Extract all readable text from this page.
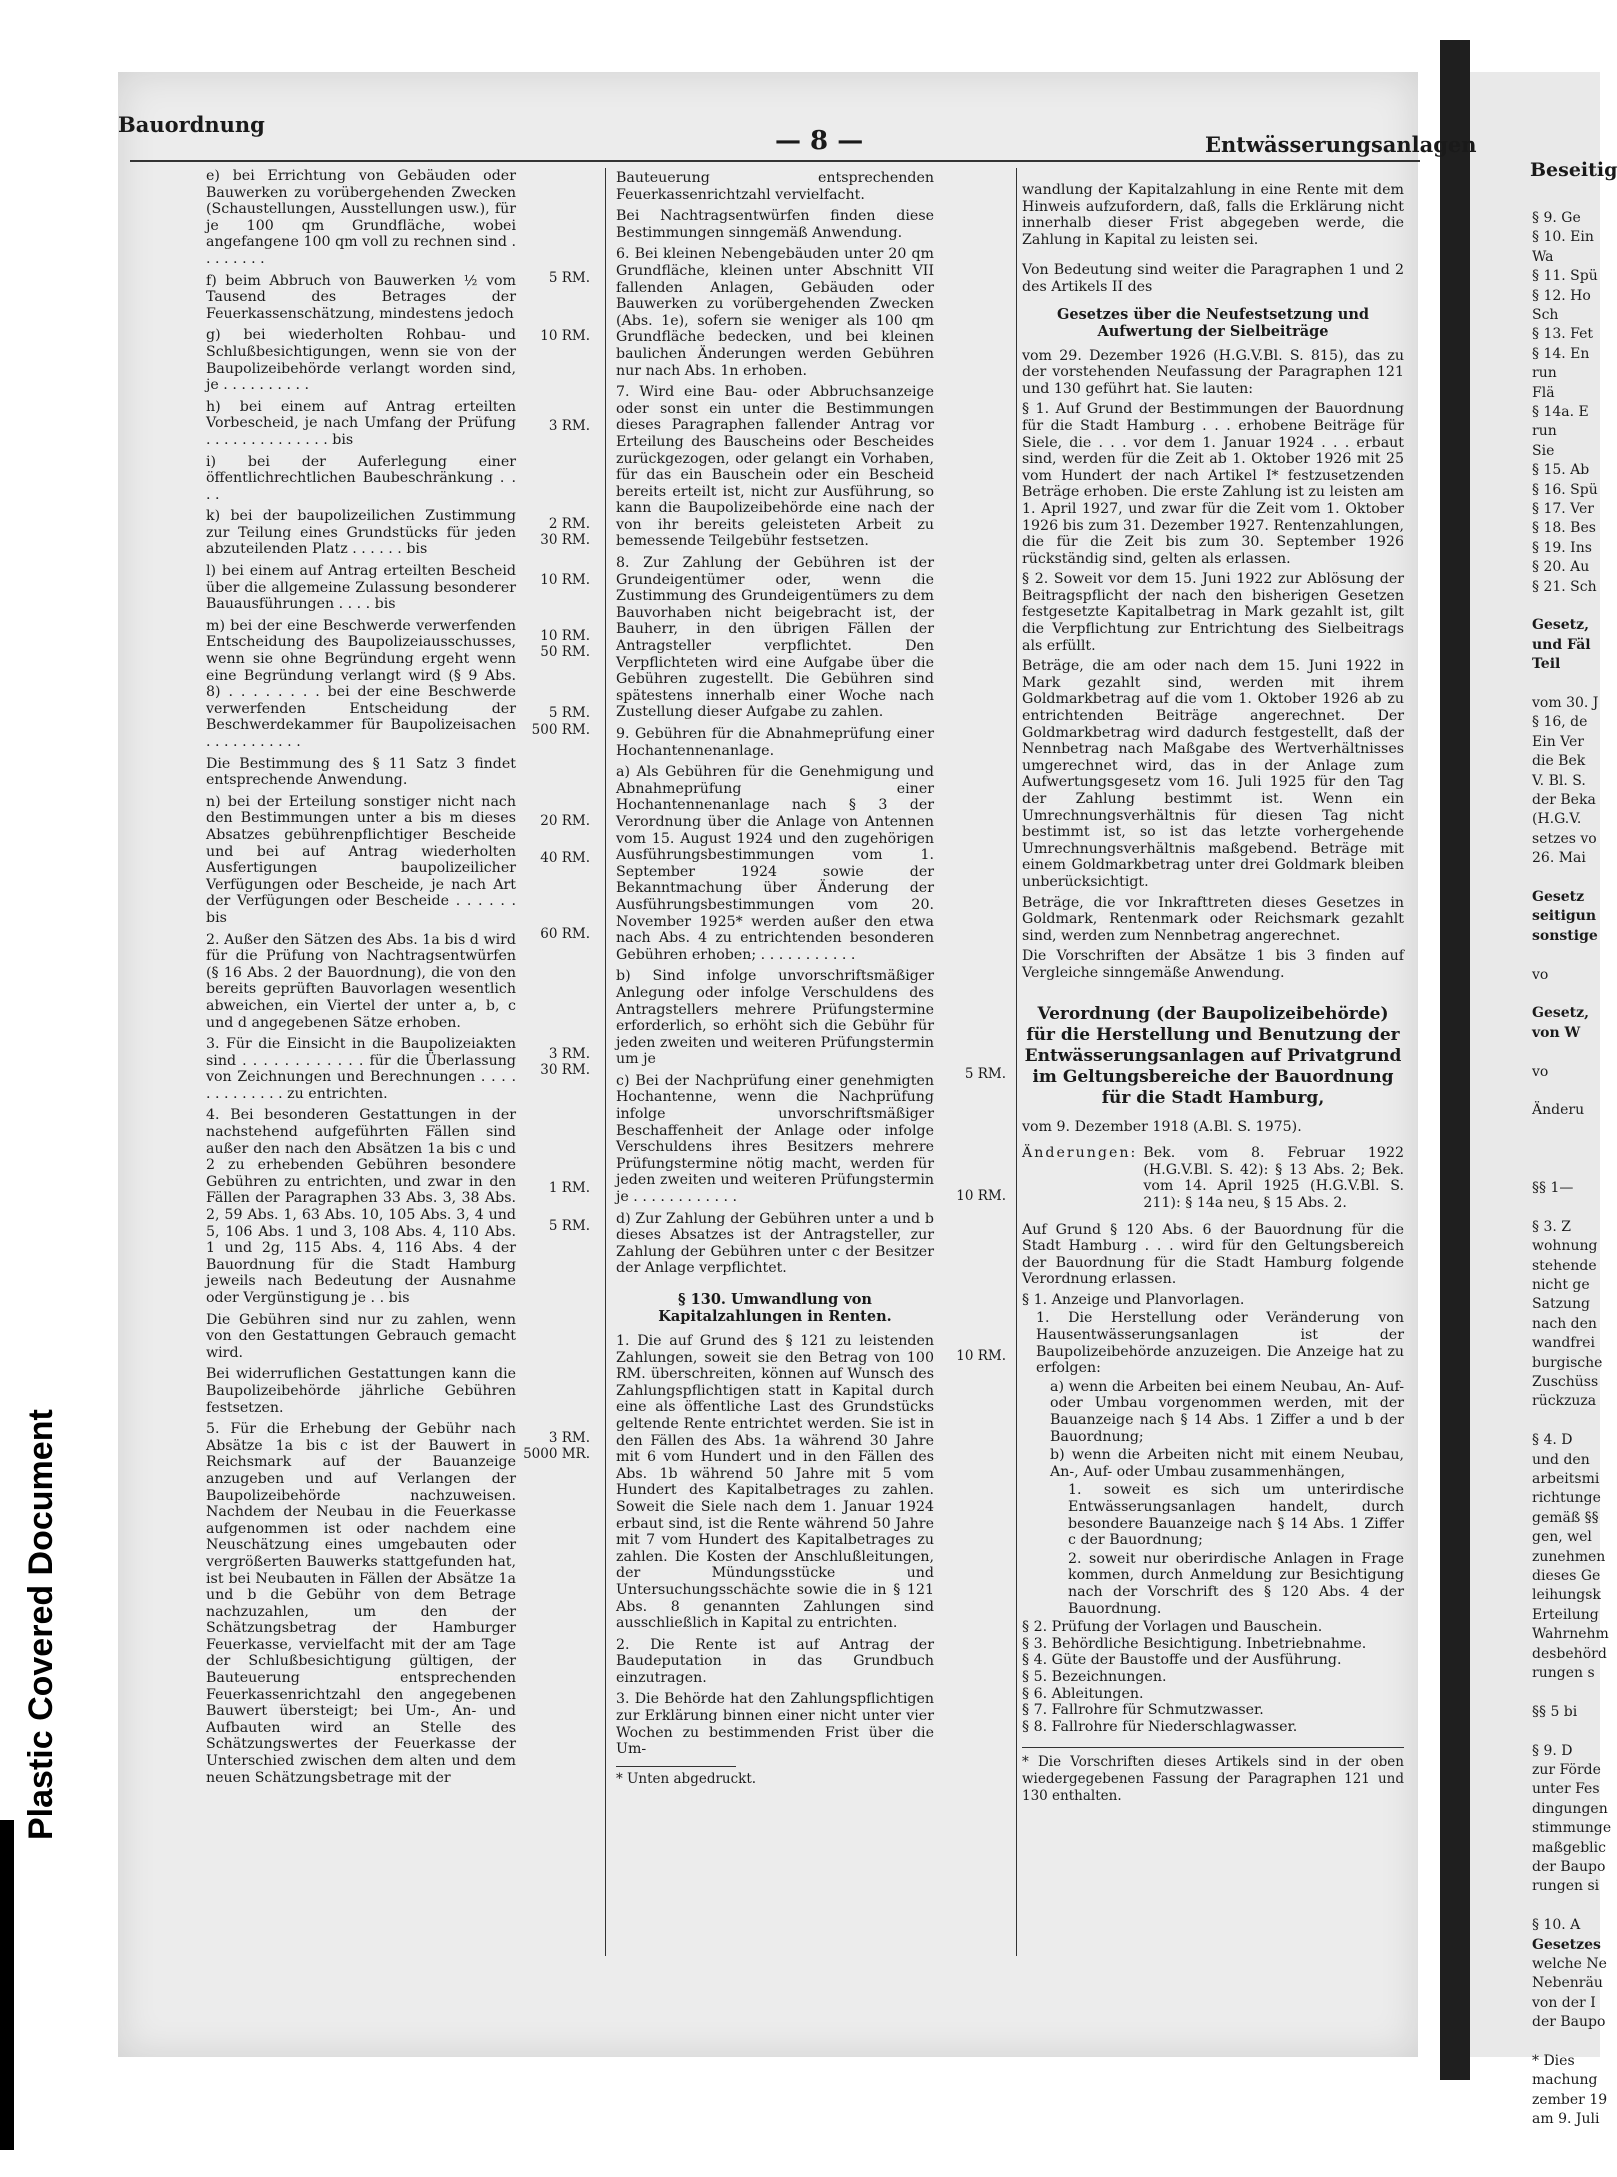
Plastic Covered Document
Bauordnung
— 8 —	Entwässerungsanlagen

e) bei Errichtung von Gebäuden oder Bauwerken zu vorübergehenden Zwecken (Schaustellungen, Ausstellungen usw.), für je 100 qm Grundfläche, wobei angefangene 100 qm voll zu rechnen sind . . . . . . . .

f) beim Abbruch von Bauwerken ½ vom Tausend des Betrages der Feuerkassenschätzung, mindestens jedoch

g) bei wiederholten Rohbau- und Schlußbesichtigungen, wenn sie von der Baupolizeibehörde verlangt worden sind, je . . . . . . . . . .

h) bei einem auf Antrag erteilten Vorbescheid, je nach Umfang der Prüfung . . . . . . . . . . . . . . bis

i) bei der Auferlegung einer öffentlichrechtlichen Baubeschränkung . . . .

k) bei der baupolizeilichen Zustimmung zur Teilung eines Grundstücks für jeden abzuteilenden Platz . . . . . . bis

l) bei einem auf Antrag erteilten Bescheid über die allgemeine Zulassung besonderer Bauausführungen . . . . bis

m) bei der eine Beschwerde verwerfenden Entscheidung des Baupolizeiausschusses, wenn sie ohne Begründung ergeht wenn eine Begründung verlangt wird (§ 9 Abs. 8) . . . . . . . . bei der eine Beschwerde verwerfenden Entscheidung der Beschwerdekammer für Baupolizeisachen . . . . . . . . . . .

Die Bestimmung des § 11 Satz 3 findet entsprechende Anwendung.

n) bei der Erteilung sonstiger nicht nach den Bestimmungen unter a bis m dieses Absatzes gebührenpflichtiger Bescheide und bei auf Antrag wiederholten Ausfertigungen baupolizeilicher Verfügungen oder Bescheide, je nach Art der Verfügungen oder Bescheide . . . . . . bis

2. Außer den Sätzen des Abs. 1a bis d wird für die Prüfung von Nachtragsentwürfen (§ 16 Abs. 2 der Bauordnung), die von den bereits geprüften Bauvorlagen wesentlich abweichen, ein Viertel der unter a, b, c und d angegebenen Sätze erhoben.

3. Für die Einsicht in die Baupolizeiakten sind . . . . . . . . . . . . für die Überlassung von Zeichnungen und Berechnungen . . . . . . . . . . . . . zu entrichten.

4. Bei besonderen Gestattungen in der nachstehend aufgeführten Fällen sind außer den nach den Absätzen 1a bis c und 2 zu erhebenden Gebühren besondere Gebühren zu entrichten, und zwar in den Fällen der Paragraphen 33 Abs. 3, 38 Abs. 2, 59 Abs. 1, 63 Abs. 10, 105 Abs. 3, 4 und 5, 106 Abs. 1 und 3, 108 Abs. 4, 110 Abs. 1 und 2g, 115 Abs. 4, 116 Abs. 4 der Bauordnung für die Stadt Hamburg jeweils nach Bedeutung der Ausnahme oder Vergünstigung je . . bis

Die Gebühren sind nur zu zahlen, wenn von den Gestattungen Gebrauch gemacht wird.

Bei widerruflichen Gestattungen kann die Baupolizeibehörde jährliche Gebühren festsetzen.

5. Für die Erhebung der Gebühr nach Absätze 1a bis c ist der Bauwert in Reichsmark auf der Bauanzeige anzugeben und auf Verlangen der Baupolizeibehörde nachzuweisen. Nachdem der Neubau in die Feuerkasse aufgenommen ist oder nachdem eine Neuschätzung eines umgebauten oder vergrößerten Bauwerks stattgefunden hat, ist bei Neubauten in Fällen der Absätze 1a und b die Gebühr von dem Betrage nachzuzahlen, um den der Schätzungsbetrag der Hamburger Feuerkasse, vervielfacht mit der am Tage der Schlußbesichtigung gültigen, der Bauteuerung entsprechenden Feuerkassenrichtzahl den angegebenen Bauwert übersteigt; bei Um-, An- und Aufbauten wird an Stelle des Schätzungswertes der Feuerkasse der Unterschied zwischen dem alten und dem neuen Schätzungsbetrage mit der

5 RM.
10 RM.
3 RM.
2 RM.
30 RM.
10 RM.
10 RM.
50 RM.
5 RM.
500 RM.
20 RM.
40 RM.
60 RM.
3 RM.
30 RM.
1 RM.
5 RM.
3 RM.
5000 MR.

Bauteuerung entsprechenden Feuerkassenrichtzahl vervielfacht.

Bei Nachtragsentwürfen finden diese Bestimmungen sinngemäß Anwendung.

6. Bei kleinen Nebengebäuden unter 20 qm Grundfläche, kleinen unter Abschnitt VII fallenden Anlagen, Gebäuden oder Bauwerken zu vorübergehenden Zwecken (Abs. 1e), sofern sie weniger als 100 qm Grundfläche bedecken, und bei kleinen baulichen Änderungen werden Gebühren nur nach Abs. 1n erhoben.

7. Wird eine Bau- oder Abbruchsanzeige oder sonst ein unter die Bestimmungen dieses Paragraphen fallender Antrag vor Erteilung des Bauscheins oder Bescheides zurückgezogen, oder gelangt ein Vorhaben, für das ein Bauschein oder ein Bescheid bereits erteilt ist, nicht zur Ausführung, so kann die Baupolizeibehörde eine nach der von ihr bereits geleisteten Arbeit zu bemessende Teilgebühr festsetzen.

8. Zur Zahlung der Gebühren ist der Grundeigentümer oder, wenn die Zustimmung des Grundeigentümers zu dem Bauvorhaben nicht beigebracht ist, der Bauherr, in den übrigen Fällen der Antragsteller verpflichtet. Den Verpflichteten wird eine Aufgabe über die Gebühren zugestellt. Die Gebühren sind spätestens innerhalb einer Woche nach Zustellung dieser Aufgabe zu zahlen.

9. Gebühren für die Abnahmeprüfung einer Hochantennenanlage.

a) Als Gebühren für die Genehmigung und Abnahmeprüfung einer Hochantennenanlage nach § 3 der Verordnung über die Anlage von Antennen vom 15. August 1924 und den zugehörigen Ausführungsbestimmungen vom 1. September 1924 sowie der Bekanntmachung über Änderung der Ausführungsbestimmungen vom 20. November 1925* werden außer den etwa nach Abs. 4 zu entrichtenden besonderen Gebühren erhoben; . . . . . . . . . . .

b) Sind infolge unvorschriftsmäßiger Anlegung oder infolge Verschuldens des Antragstellers mehrere Prüfungstermine erforderlich, so erhöht sich die Gebühr für jeden zweiten und weiteren Prüfungstermin um je

c) Bei der Nachprüfung einer genehmigten Hochantenne, wenn die Nachprüfung infolge unvorschriftsmäßiger Beschaffenheit der Anlage oder infolge Verschuldens ihres Besitzers mehrere Prüfungstermine nötig macht, werden für jeden zweiten und weiteren Prüfungstermin je . . . . . . . . . . . .

d) Zur Zahlung der Gebühren unter a und b dieses Absatzes ist der Antragsteller, zur Zahlung der Gebühren unter c der Besitzer der Anlage verpflichtet.

§ 130. Umwandlung von Kapitalzahlungen in Renten.

1. Die auf Grund des § 121 zu leistenden Zahlungen, soweit sie den Betrag von 100 RM. überschreiten, können auf Wunsch des Zahlungspflichtigen statt in Kapital durch eine als öffentliche Last des Grundstücks geltende Rente entrichtet werden. Sie ist in den Fällen des Abs. 1a während 30 Jahre mit 6 vom Hundert und in den Fällen des Abs. 1b während 50 Jahre mit 5 vom Hundert des Kapitalbetrages zu zahlen. Soweit die Siele nach dem 1. Januar 1924 erbaut sind, ist die Rente während 50 Jahre mit 7 vom Hundert des Kapitalbetrages zu zahlen. Die Kosten der Anschlußleitungen, der Mündungsstücke und Untersuchungsschächte sowie die in § 121 Abs. 8 genannten Zahlungen sind ausschließlich in Kapital zu entrichten.

2. Die Rente ist auf Antrag der Baudeputation in das Grundbuch einzutragen.

3. Die Behörde hat den Zahlungspflichtigen zur Erklärung binnen einer nicht unter vier Wochen zu bestimmenden Frist über die Um-

* Unten abgedruckt.

5 RM.
10 RM.
10 RM.

wandlung der Kapitalzahlung in eine Rente mit dem Hinweis aufzufordern, daß, falls die Erklärung nicht innerhalb dieser Frist abgegeben werde, die Zahlung in Kapital zu leisten sei.

Von Bedeutung sind weiter die Paragraphen 1 und 2 des Artikels II des

Gesetzes über die Neufestsetzung und Aufwertung der Sielbeiträge

vom 29. Dezember 1926 (H.G.V.Bl. S. 815), das zu der vorstehenden Neufassung der Paragraphen 121 und 130 geführt hat. Sie lauten:

§ 1. Auf Grund der Bestimmungen der Bauordnung für die Stadt Hamburg . . . erhobene Beiträge für Siele, die . . . vor dem 1. Januar 1924 . . . erbaut sind, werden für die Zeit ab 1. Oktober 1926 mit 25 vom Hundert der nach Artikel I* festzusetzenden Beträge erhoben. Die erste Zahlung ist zu leisten am 1. April 1927, und zwar für die Zeit vom 1. Oktober 1926 bis zum 31. Dezember 1927. Rentenzahlungen, die für die Zeit bis zum 30. September 1926 rückständig sind, gelten als erlassen.

§ 2. Soweit vor dem 15. Juni 1922 zur Ablösung der Beitragspflicht der nach den bisherigen Gesetzen festgesetzte Kapitalbetrag in Mark gezahlt ist, gilt die Verpflichtung zur Entrichtung des Sielbeitrags als erfüllt.

Beträge, die am oder nach dem 15. Juni 1922 in Mark gezahlt sind, werden mit ihrem Goldmarkbetrag auf die vom 1. Oktober 1926 ab zu entrichtenden Beiträge angerechnet. Der Goldmarkbetrag wird dadurch festgestellt, daß der Nennbetrag nach Maßgabe des Wertverhältnisses umgerechnet wird, das in der Anlage zum Aufwertungsgesetz vom 16. Juli 1925 für den Tag der Zahlung bestimmt ist. Wenn ein Umrechnungsverhältnis für diesen Tag nicht bestimmt ist, so ist das letzte vorhergehende Umrechnungsverhältnis maßgebend. Beträge mit einem Goldmarkbetrag unter drei Goldmark bleiben unberücksichtigt.

Beträge, die vor Inkrafttreten dieses Gesetzes in Goldmark, Rentenmark oder Reichsmark gezahlt sind, werden zum Nennbetrag angerechnet.

Die Vorschriften der Absätze 1 bis 3 finden auf Vergleiche sinngemäße Anwendung.

Verordnung (der Baupolizeibehörde) für die Herstellung und Benutzung der Entwässerungsanlagen auf Privatgrund im Geltungsbereiche der Bauordnung für die Stadt Hamburg,

vom 9. Dezember 1918 (A.Bl. S. 1975).

Änderungen: Bek. vom 8. Februar 1922 (H.G.V.Bl. S. 42): § 13 Abs. 2; Bek. vom 14. April 1925 (H.G.V.Bl. S. 211): § 14a neu, § 15 Abs. 2.

Auf Grund § 120 Abs. 6 der Bauordnung für die Stadt Hamburg . . . wird für den Geltungsbereich der Bauordnung für die Stadt Hamburg folgende Verordnung erlassen.

§ 1. Anzeige und Planvorlagen.

1. Die Herstellung oder Veränderung von Hausentwässerungsanlagen ist der Baupolizeibehörde anzuzeigen. Die Anzeige hat zu erfolgen:

a) wenn die Arbeiten bei einem Neubau, An- Auf- oder Umbau vorgenommen werden, mit der Bauanzeige nach § 14 Abs. 1 Ziffer a und b der Bauordnung;

b) wenn die Arbeiten nicht mit einem Neubau, An-, Auf- oder Umbau zusammenhängen,

1. soweit es sich um unterirdische Entwässerungsanlagen handelt, durch besondere Bauanzeige nach § 14 Abs. 1 Ziffer c der Bauordnung;

2. soweit nur oberirdische Anlagen in Frage kommen, durch Anmeldung zur Besichtigung nach der Vorschrift des § 120 Abs. 4 der Bauordnung.

§ 2. Prüfung der Vorlagen und Bauschein.

§ 3. Behördliche Besichtigung. Inbetriebnahme.

§ 4. Güte der Baustoffe und der Ausführung.

§ 5. Bezeichnungen.

§ 6. Ableitungen.

§ 7. Fallrohre für Schmutzwasser.

§ 8. Fallrohre für Niederschlagwasser.

* Die Vorschriften dieses Artikels sind in der oben wiedergegebenen Fassung der Paragraphen 121 und 130 enthalten.

Beseitig
§ 9. Ge
§ 10. Ein
Wa
§ 11. Spü
§ 12. Ho
Sch
§ 13. Fet
§ 14. En
run
Flä
§ 14a. E
run
Sie
§ 15. Ab
§ 16. Spü
§ 17. Ver
§ 18. Bes
§ 19. Ins
§ 20. Au
§ 21. Sch
Gesetz,
und Fäl
Teil
vom 30. J
§ 16, de
Ein Ver
die Bek
V. Bl. S.
der Beka
(H.G.V.
setzes vo
26. Mai
Gesetz
seitigun
sonstige
vo
Gesetz,
von W
vo
Änderu
§§ 1—
§ 3. Z
wohnung
stehende
nicht ge
Satzung
nach den
wandfrei
burgische
Zuschüss
rückzuza
§ 4. D
und den
arbeitsmi
richtunge
gemäß §§
gen, wel
zunehmen
dieses Ge
leihungsk
Erteilung
Wahrnehm
desbehörd
rungen s
§§ 5 bi
§ 9. D
zur Förde
unter Fes
dingungen
stimmunge
maßgeblic
der Baupo
rungen si
§ 10. A
Gesetzes
welche Ne
Nebenräu
von der I
der Baupo
* Dies
machung
zember 19
am 9. Juli
